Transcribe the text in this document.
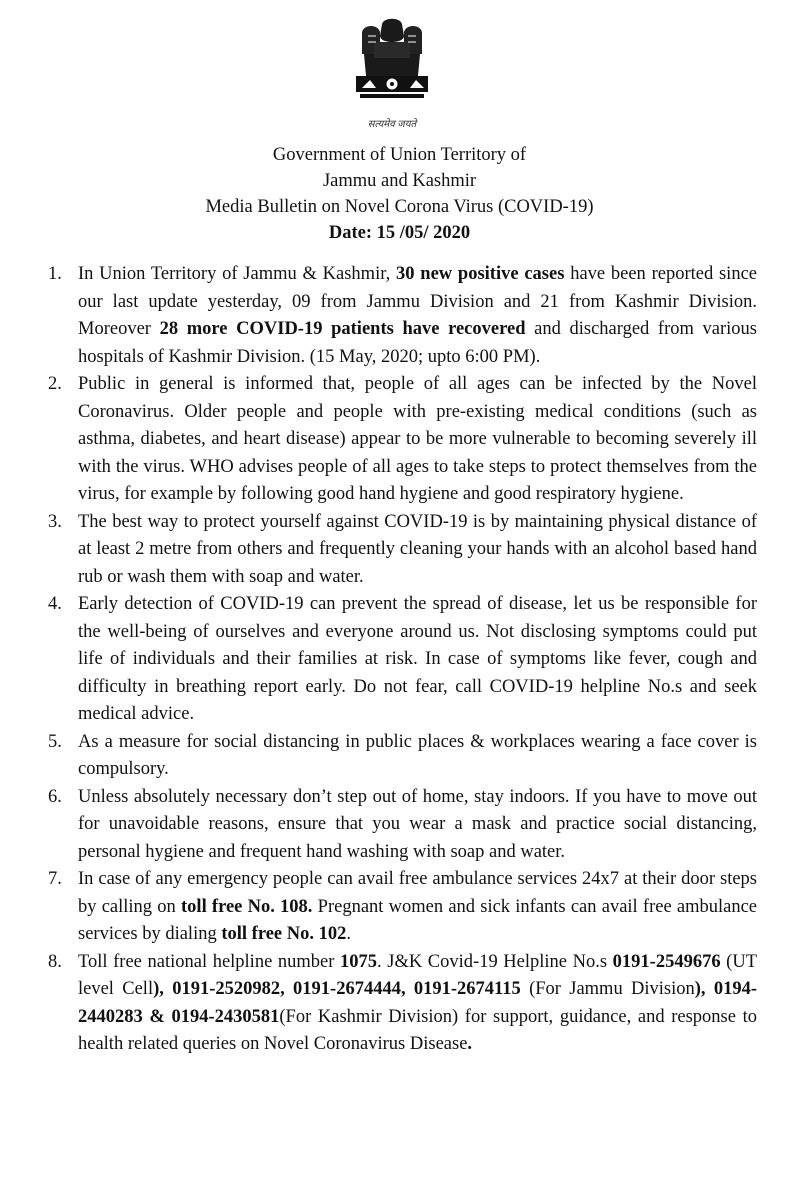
सत्यमेव जयते
Government of Union Territory of
Jammu and Kashmir
Media Bulletin on Novel Corona Virus (COVID-19)
Date: 15 /05/ 2020
1. In Union Territory of Jammu & Kashmir, 30 new positive cases have been reported since our last update yesterday, 09 from Jammu Division and 21 from Kashmir Division. Moreover 28 more COVID-19 patients have recovered and discharged from various hospitals of Kashmir Division. (15 May, 2020; upto 6:00 PM).
2. Public in general is informed that, people of all ages can be infected by the Novel Coronavirus. Older people and people with pre-existing medical conditions (such as asthma, diabetes, and heart disease) appear to be more vulnerable to becoming severely ill with the virus. WHO advises people of all ages to take steps to protect themselves from the virus, for example by following good hand hygiene and good respiratory hygiene.
3. The best way to protect yourself against COVID-19 is by maintaining physical distance of at least 2 metre from others and frequently cleaning your hands with an alcohol based hand rub or wash them with soap and water.
4. Early detection of COVID-19 can prevent the spread of disease, let us be responsible for the well-being of ourselves and everyone around us. Not disclosing symptoms could put life of individuals and their families at risk. In case of symptoms like fever, cough and difficulty in breathing report early. Do not fear, call COVID-19 helpline No.s and seek medical advice.
5. As a measure for social distancing in public places & workplaces wearing a face cover is compulsory.
6. Unless absolutely necessary don’t step out of home, stay indoors. If you have to move out for unavoidable reasons, ensure that you wear a mask and practice social distancing, personal hygiene and frequent hand washing with soap and water.
7. In case of any emergency people can avail free ambulance services 24x7 at their door steps by calling on toll free No. 108. Pregnant women and sick infants can avail free ambulance services by dialing toll free No. 102.
8. Toll free national helpline number 1075. J&K Covid-19 Helpline No.s 0191-2549676 (UT level Cell), 0191-2520982, 0191-2674444, 0191-2674115 (For Jammu Division), 0194-2440283 & 0194-2430581(For Kashmir Division) for support, guidance, and response to health related queries on Novel Coronavirus Disease.
